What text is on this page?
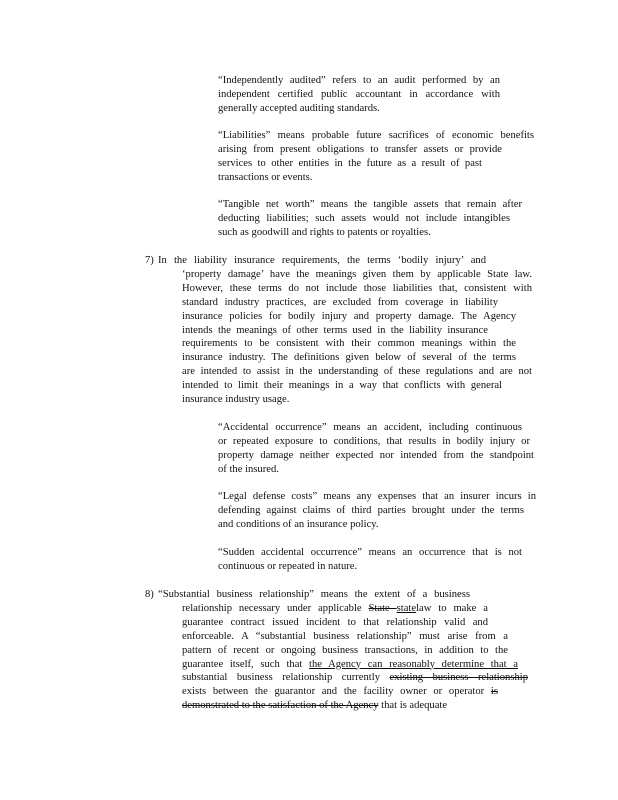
“Independently audited” refers to an audit performed by an
independent certified public accountant in accordance with
generally accepted auditing standards.
“Liabilities” means probable future sacrifices of economic benefits
arising from present obligations to transfer assets or provide
services to other entities in the future as a result of past
transactions or events.
“Tangible net worth” means the tangible assets that remain after
deducting liabilities; such assets would not include intangibles
such as goodwill and rights to patents or royalties.
7) In the liability insurance requirements, the terms ‘bodily injury’ and
‘property damage’ have the meanings given them by applicable State law.
However, these terms do not include those liabilities that, consistent with
standard industry practices, are excluded from coverage in liability
insurance policies for bodily injury and property damage. The Agency
intends the meanings of other terms used in the liability insurance
requirements to be consistent with their common meanings within the
insurance industry. The definitions given below of several of the terms
are intended to assist in the understanding of these regulations and are not
intended to limit their meanings in a way that conflicts with general
insurance industry usage.
“Accidental occurrence” means an accident, including continuous
or repeated exposure to conditions, that results in bodily injury or
property damage neither expected nor intended from the standpoint
of the insured.
“Legal defense costs” means any expenses that an insurer incurs in
defending against claims of third parties brought under the terms
and conditions of an insurance policy.
“Sudden accidental occurrence” means an occurrence that is not
continuous or repeated in nature.
8) “Substantial business relationship” means the extent of a business
relationship necessary under applicable State statelaw to make a
guarantee contract issued incident to that relationship valid and
enforceable. A “substantial business relationship” must arise from a
pattern of recent or ongoing business transactions, in addition to the
guarantee itself, such that the Agency can reasonably determine that a
substantial business relationship currently existing business relationship
exists between the guarantor and the facility owner or operator is
demonstrated to the satisfaction of the Agency that is adequate
